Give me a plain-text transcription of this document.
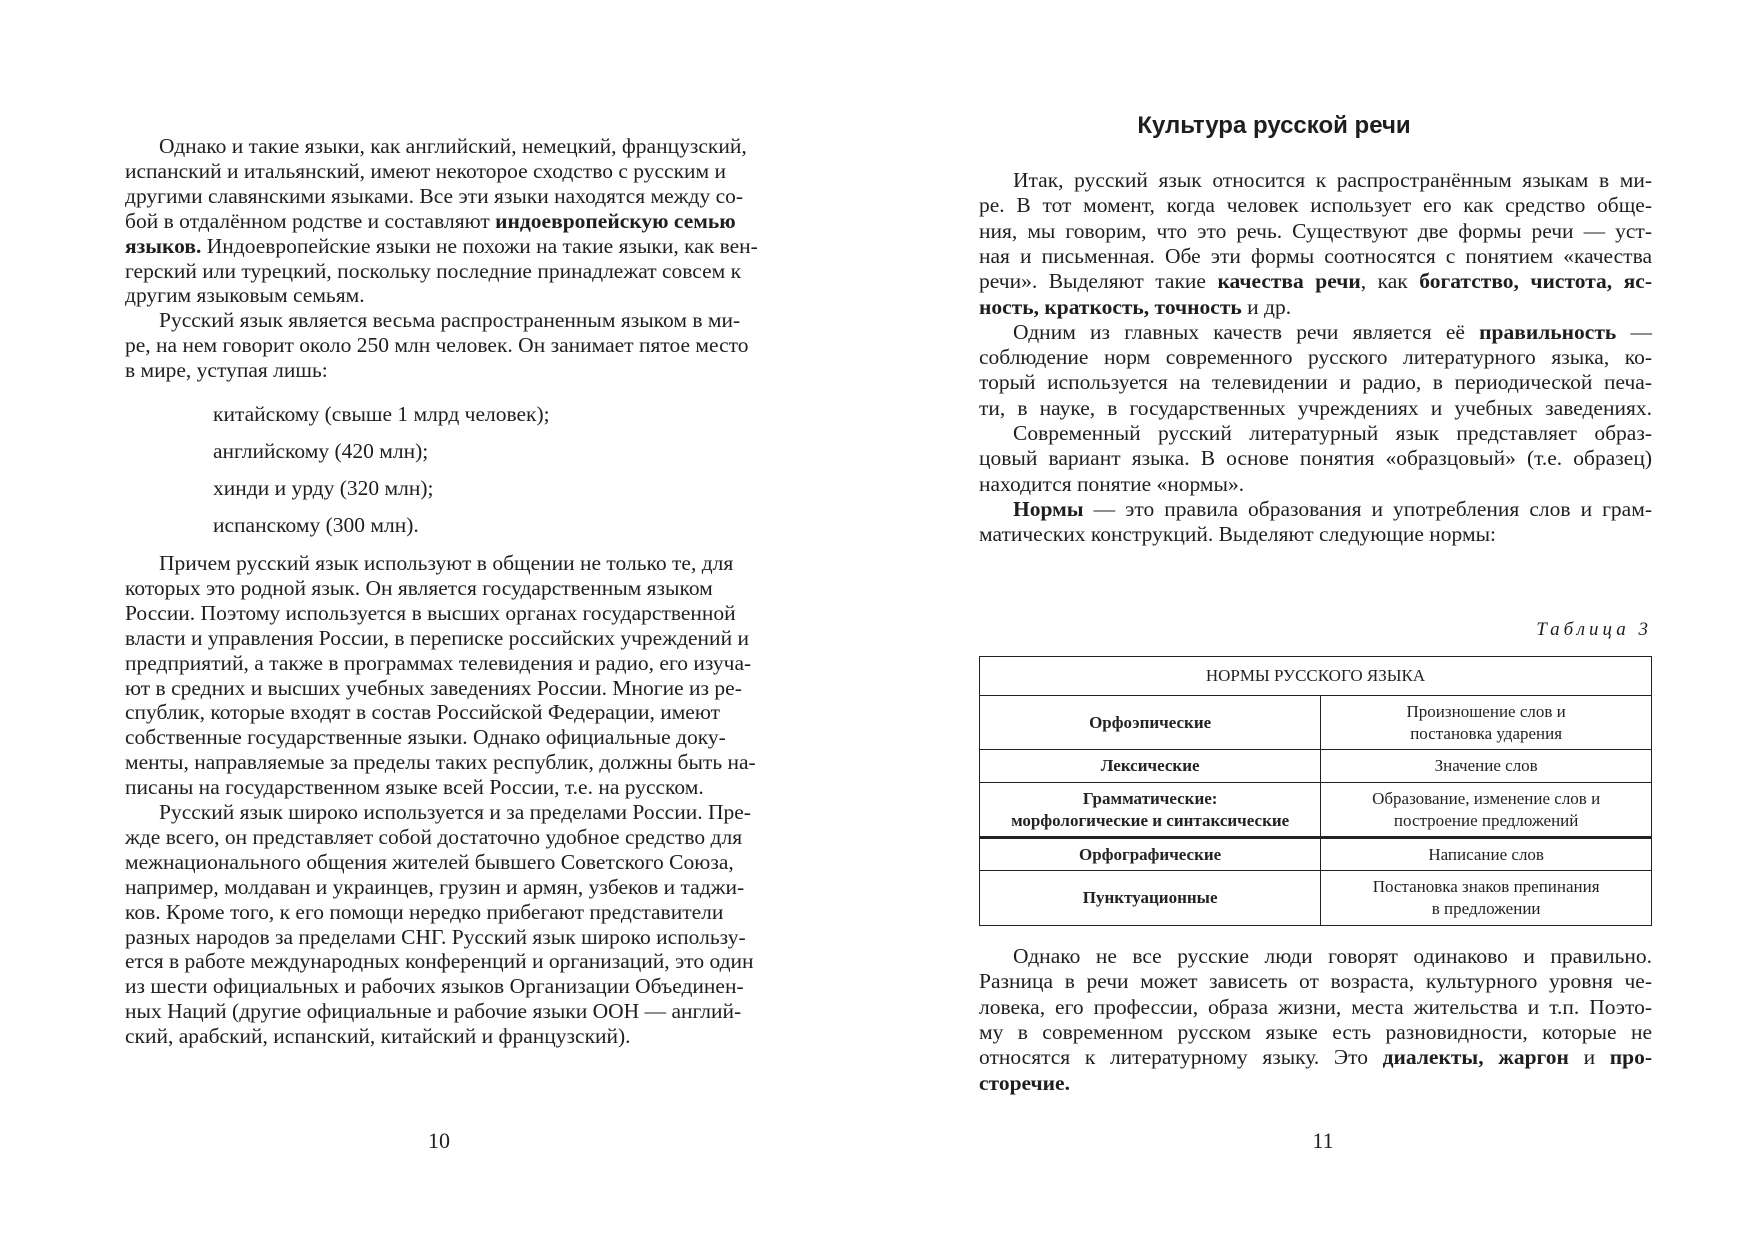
Однако и такие языки, как английский, немецкий, французский,
испанский и итальянский, имеют некоторое сходство с русским и
другими славянскими языками. Все эти языки находятся между со-
бой в отдалённом родстве и составляют индоевропейскую семью
языков. Индоевропейские языки не похожи на такие языки, как вен-
герский или турецкий, поскольку последние принадлежат совсем к
другим языковым семьям.
Русский язык является весьма распространенным языком в ми-
ре, на нем говорит около 250 млн человек. Он занимает пятое место
в мире, уступая лишь:
китайскому (свыше 1 млрд человек);
английскому (420 млн);
хинди и урду (320 млн);
испанскому (300 млн).
Причем русский язык используют в общении не только те, для
которых это родной язык. Он является государственным языком
России. Поэтому используется в высших органах государственной
власти и управления России, в переписке российских учреждений и
предприятий, а также в программах телевидения и радио, его изуча-
ют в средних и высших учебных заведениях России. Многие из ре-
спублик, которые входят в состав Российской Федерации, имеют
собственные государственные языки. Однако официальные доку-
менты, направляемые за пределы таких республик, должны быть на-
писаны на государственном языке всей России, т.е. на русском.
Русский язык широко используется и за пределами России. Пре-
жде всего, он представляет собой достаточно удобное средство для
межнационального общения жителей бывшего Советского Союза,
например, молдаван и украинцев, грузин и армян, узбеков и таджи-
ков. Кроме того, к его помощи нередко прибегают представители
разных народов за пределами СНГ. Русский язык широко использу-
ется в работе международных конференций и организаций, это один
из шести официальных и рабочих языков Организации Объединен-
ных Наций (другие официальные и рабочие языки ООН — англий-
ский, арабский, испанский, китайский и французский).
10
Культура русской речи
Итак, русский язык относится к распространённым языкам в ми-
ре. В тот момент, когда человек использует его как средство обще-
ния, мы говорим, что это речь. Существуют две формы речи — уст-
ная и письменная. Обе эти формы соотносятся с понятием «качества
речи». Выделяют такие качества речи, как богатство, чистота, яс-
ность, краткость, точность и др.
Одним из главных качеств речи является её правильность —
соблюдение норм современного русского литературного языка, ко-
торый используется на телевидении и радио, в периодической печа-
ти, в науке, в государственных учреждениях и учебных заведениях.
Современный русский литературный язык представляет образ-
цовый вариант языка. В основе понятия «образцовый» (т.е. образец)
находится понятие «нормы».
Нормы — это правила образования и употребления слов и грам-
матических конструкций. Выделяют следующие нормы:
Таблица 3
НОРМЫ РУССКОГО ЯЗЫКА	
Орфоэпические	Произношение слов и
постановка ударения
Лексические	Значение слов
Грамматические:
морфологические и синтаксические	Образование, изменение слов и
построение предложений
Орфографические	Написание слов
Пунктуационные	Постановка знаков препинания
в предложении
Однако не все русские люди говорят одинаково и правильно.
Разница в речи может зависеть от возраста, культурного уровня че-
ловека, его профессии, образа жизни, места жительства и т.п. Поэто-
му в современном русском языке есть разновидности, которые не
относятся к литературному языку. Это диалекты, жаргон и про-
сторечие.
11
